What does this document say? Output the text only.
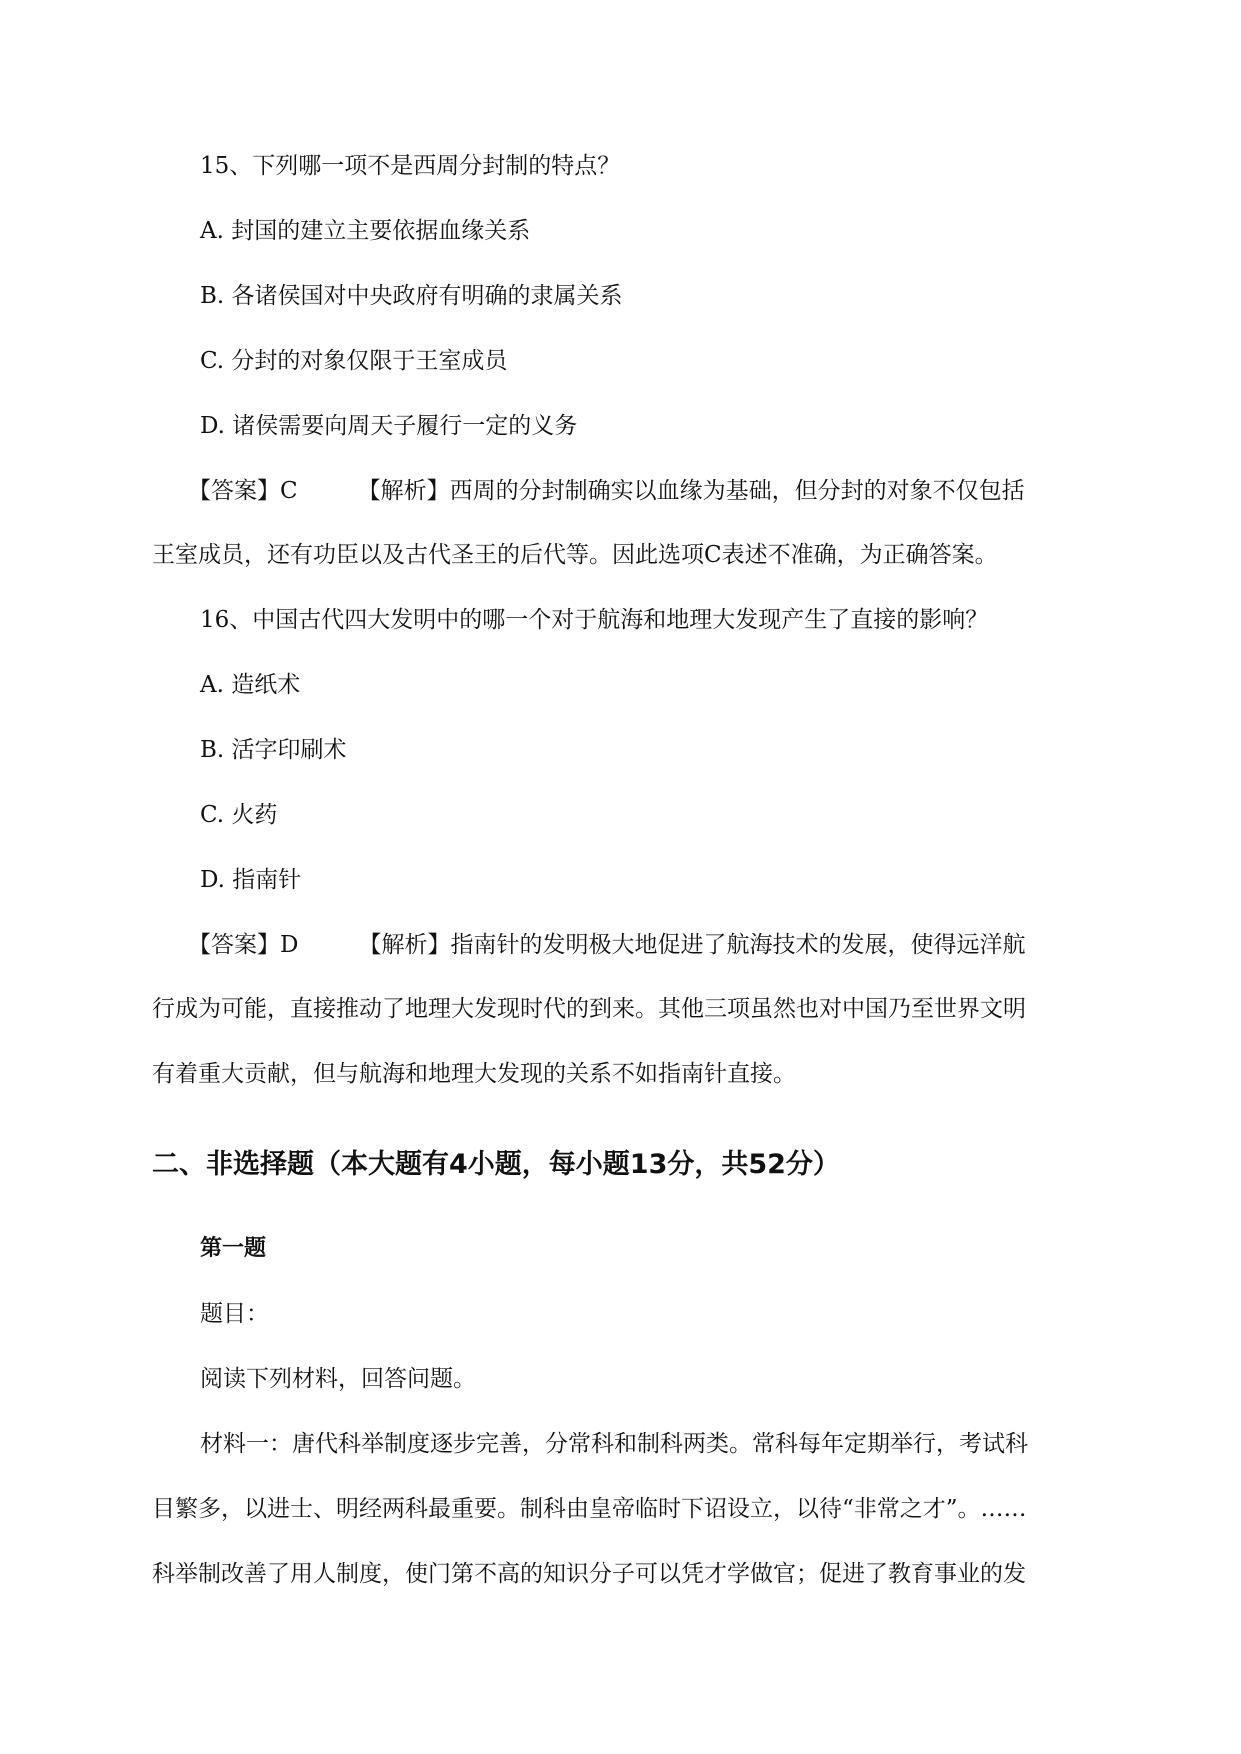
15、下列哪一项不是西周分封制的特点？
A. 封国的建立主要依据血缘关系
B. 各诸侯国对中央政府有明确的隶属关系
C. 分封的对象仅限于王室成员
D. 诸侯需要向周天子履行一定的义务
【答案】C	【解析】西周的分封制确实以血缘为基础，但分封的对象不仅包括
王室成员，还有功臣以及古代圣王的后代等。因此选项C表述不准确，为正确答案。
16、中国古代四大发明中的哪一个对于航海和地理大发现产生了直接的影响？
A. 造纸术
B. 活字印刷术
C. 火药
D. 指南针
【答案】D	【解析】指南针的发明极大地促进了航海技术的发展，使得远洋航
行成为可能，直接推动了地理大发现时代的到来。其他三项虽然也对中国乃至世界文明
有着重大贡献，但与航海和地理大发现的关系不如指南针直接。
二、非选择题（本大题有4小题，每小题13分，共52分）
第一题
题目：
阅读下列材料，回答问题。
材料一：唐代科举制度逐步完善，分常科和制科两类。常科每年定期举行，考试科
目繁多，以进士、明经两科最重要。制科由皇帝临时下诏设立，以待“非常之才”。……
科举制改善了用人制度，使门第不高的知识分子可以凭才学做官；促进了教育事业的发
